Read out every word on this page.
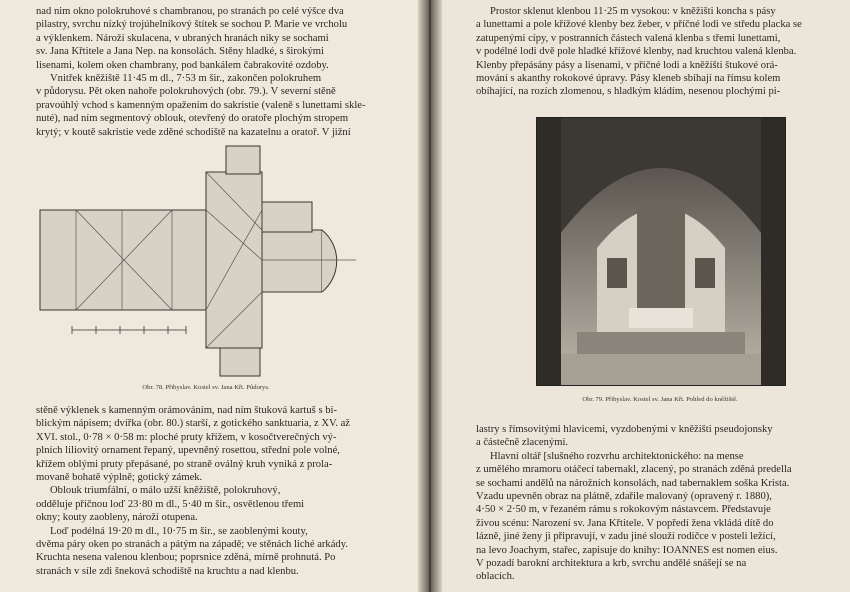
nad nim okno polokruhové s chambranou, po stranách po celé výšce dva

pilastry, svrchu nízký trojúhelníkový štítek se sochou P. Marie ve vrcholu

a výklenkem. Nároží skulacena, v ubraných hranách niky se sochami

sv. Jana Křtitele a Jana Nep. na konsolách. Stěny hladké, s širokými

lisenami, kolem oken chambrany, pod bankálem čabrakovité ozdoby.

Vnitřek kněžiště 11·45 m dl., 7·53 m šir., zakončen polokruhem

v půdorysu. Pět oken nahoře polokruhových (obr. 79.). V severní stěně

pravoúhlý vchod s kamenným opažením do sakristie (valeně s lunettami skle-

nuté), nad ním segmentový oblouk, otevřený do oratoře plochým stropem

krytý; v koutě sakristie vede zděné schodiště na kazatelnu a oratoř. V jižní

Obr. 78. Přibyslav. Kostel sv. Jana Křt. Půdorys.

stěně výklenek s kamenným orámováním, nad ním štuková kartuš s bi-

blickým nápisem; dvířka (obr. 80.) starší, z gotického sanktuaria, z XV. až

XVI. stol., 0·78 × 0·58 m: ploché pruty křížem, v kosočtverečných vý-

plních liliovitý ornament řepaný, upevněný rosettou, střední pole volné,

křížem oblými pruty přepásané, po straně oválný kruh vyniká z prola-

movaně bohatě výplně; gotický zámek.

Oblouk triumfální, o málo užší kněžiště, polokruhový,

odděluje příčnou loď 23·80 m dl., 5·40 m šir., osvětlenou třemi

okny; kouty zaobleny, nároží otupena.

Loď podélná 19·20 m dl., 10·75 m šir., se zaoblenými kouty,

dvěma páry oken po stranách a pátým na západě; ve stěnách liché arkády.

Kruchta nesena valenou klenbou; poprsnice zděná, mírně prohnutá. Po

stranách v síle zdi šneková schodiště na kruchtu a nad klenbu.

Prostor sklenut klenbou 11·25 m vysokou: v kněžišti koncha s pásy

a lunettami a pole křížové klenby bez žeber, v příčné lodi ve středu placka se

zatupenými cípy, v postranních částech valená klenba s třemi lunettami,

v podélné lodi dvě pole hladké křížové klenby, nad kruchtou valená klenba.

Klenby přepásány pásy a lisenami, v příčné lodi a kněžišti štukové orá-

mování s akanthy rokokové úpravy. Pásy kleneb sbíhají na římsu kolem

obíhající, na rozích zlomenou, s hladkým kládím, nesenou plochými pi-

Obr. 79. Přibyslav. Kostel sv. Jana Křt. Pohled do kněžiště.

lastry s římsovitými hlavicemi, vyzdobenými v kněžišti pseudojonsky

a částečně zlacenými.

Hlavní oltář [slušného rozvrhu architektonického: na mense

z umělého mramoru otáčecí tabernakl, zlacený, po stranách zděná predella

se sochami andělů na nárožních konsolách, nad tabernaklem soška Krista.

Vzadu upevněn obraz na plátně, zdařile malovaný (opravený r. 1880),

4·50 × 2·50 m, v řezaném rámu s rokokovým nástavcem. Představuje

živou scénu: Narození sv. Jana Křtitele. V popředí žena vkládá dítě do

lázně, jiné ženy ji připravují, v zadu jiné slouží rodičce v posteli ležící,

na levo Joachym, stařec, zapisuje do knihy: IOANNES est nomen eius.

V pozadí barokní architektura a krb, svrchu andělé snášejí se na

oblacích.
